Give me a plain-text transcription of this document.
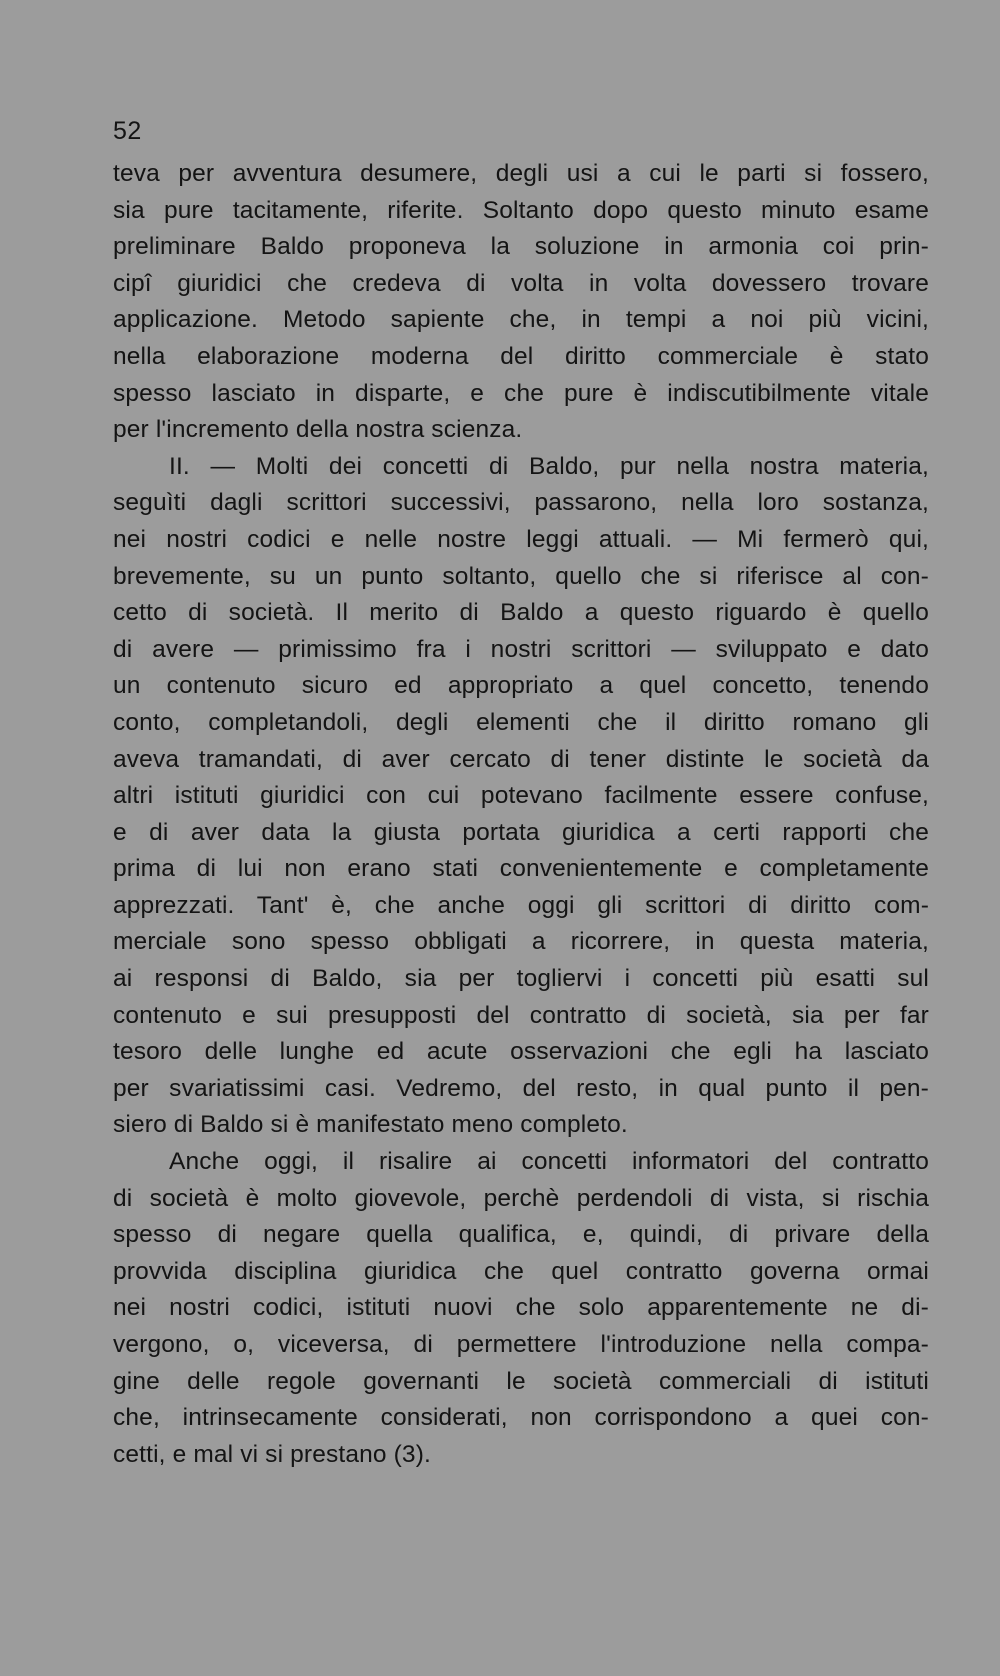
52
teva per avventura desumere, degli usi a cui le parti si fossero,
sia pure tacitamente, riferite. Soltanto dopo questo minuto esame
preliminare Baldo proponeva la soluzione in armonia coi prin-
cipî giuridici che credeva di volta in volta dovessero trovare
applicazione. Metodo sapiente che, in tempi a noi più vicini,
nella elaborazione moderna del diritto commerciale è stato
spesso lasciato in disparte, e che pure è indiscutibilmente vitale
per l'incremento della nostra scienza.
II. — Molti dei concetti di Baldo, pur nella nostra materia,
seguìti dagli scrittori successivi, passarono, nella loro sostanza,
nei nostri codici e nelle nostre leggi attuali. — Mi fermerò qui,
brevemente, su un punto soltanto, quello che si riferisce al con-
cetto di società. Il merito di Baldo a questo riguardo è quello
di avere — primissimo fra i nostri scrittori — sviluppato e dato
un contenuto sicuro ed appropriato a quel concetto, tenendo
conto, completandoli, degli elementi che il diritto romano gli
aveva tramandati, di aver cercato di tener distinte le società da
altri istituti giuridici con cui potevano facilmente essere confuse,
e di aver data la giusta portata giuridica a certi rapporti che
prima di lui non erano stati convenientemente e completamente
apprezzati. Tant' è, che anche oggi gli scrittori di diritto com-
merciale sono spesso obbligati a ricorrere, in questa materia,
ai responsi di Baldo, sia per togliervi i concetti più esatti sul
contenuto e sui presupposti del contratto di società, sia per far
tesoro delle lunghe ed acute osservazioni che egli ha lasciato
per svariatissimi casi. Vedremo, del resto, in qual punto il pen-
siero di Baldo si è manifestato meno completo.
Anche oggi, il risalire ai concetti informatori del contratto
di società è molto giovevole, perchè perdendoli di vista, si rischia
spesso di negare quella qualifica, e, quindi, di privare della
provvida disciplina giuridica che quel contratto governa ormai
nei nostri codici, istituti nuovi che solo apparentemente ne di-
vergono, o, viceversa, di permettere l'introduzione nella compa-
gine delle regole governanti le società commerciali di istituti
che, intrinsecamente considerati, non corrispondono a quei con-
cetti, e mal vi si prestano (3).
